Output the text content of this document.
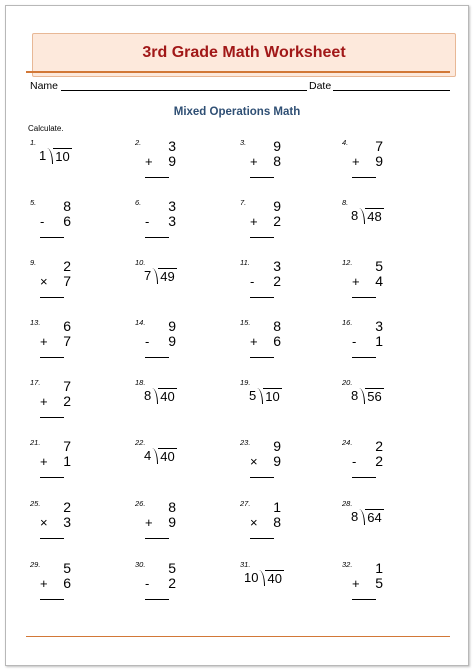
3rd Grade Math Worksheet
Name	Date
Mixed Operations Math
Calculate.
1.
1 10
2. 3
+ 9
3. 9
+ 8
4. 7
+ 9
5. 8
- 6
6. 3
- 3
7. 9
+ 2
8.
8 48
9. 2
× 7
10.
7 49
11. 3
- 2
12. 5
+ 4
13. 6
+ 7
14. 9
- 9
15. 8
+ 6
16. 3
- 1
17. 7
+ 2
18.
8 40
19.
5 10
20.
8 56
21. 7
+ 1
22.
4 40
23. 9
× 9
24. 2
- 2
25. 2
× 3
26. 8
+ 9
27. 1
× 8
28.
8 64
29. 5
+ 6
30. 5
- 2
31.
10 40
32. 1
+ 5
